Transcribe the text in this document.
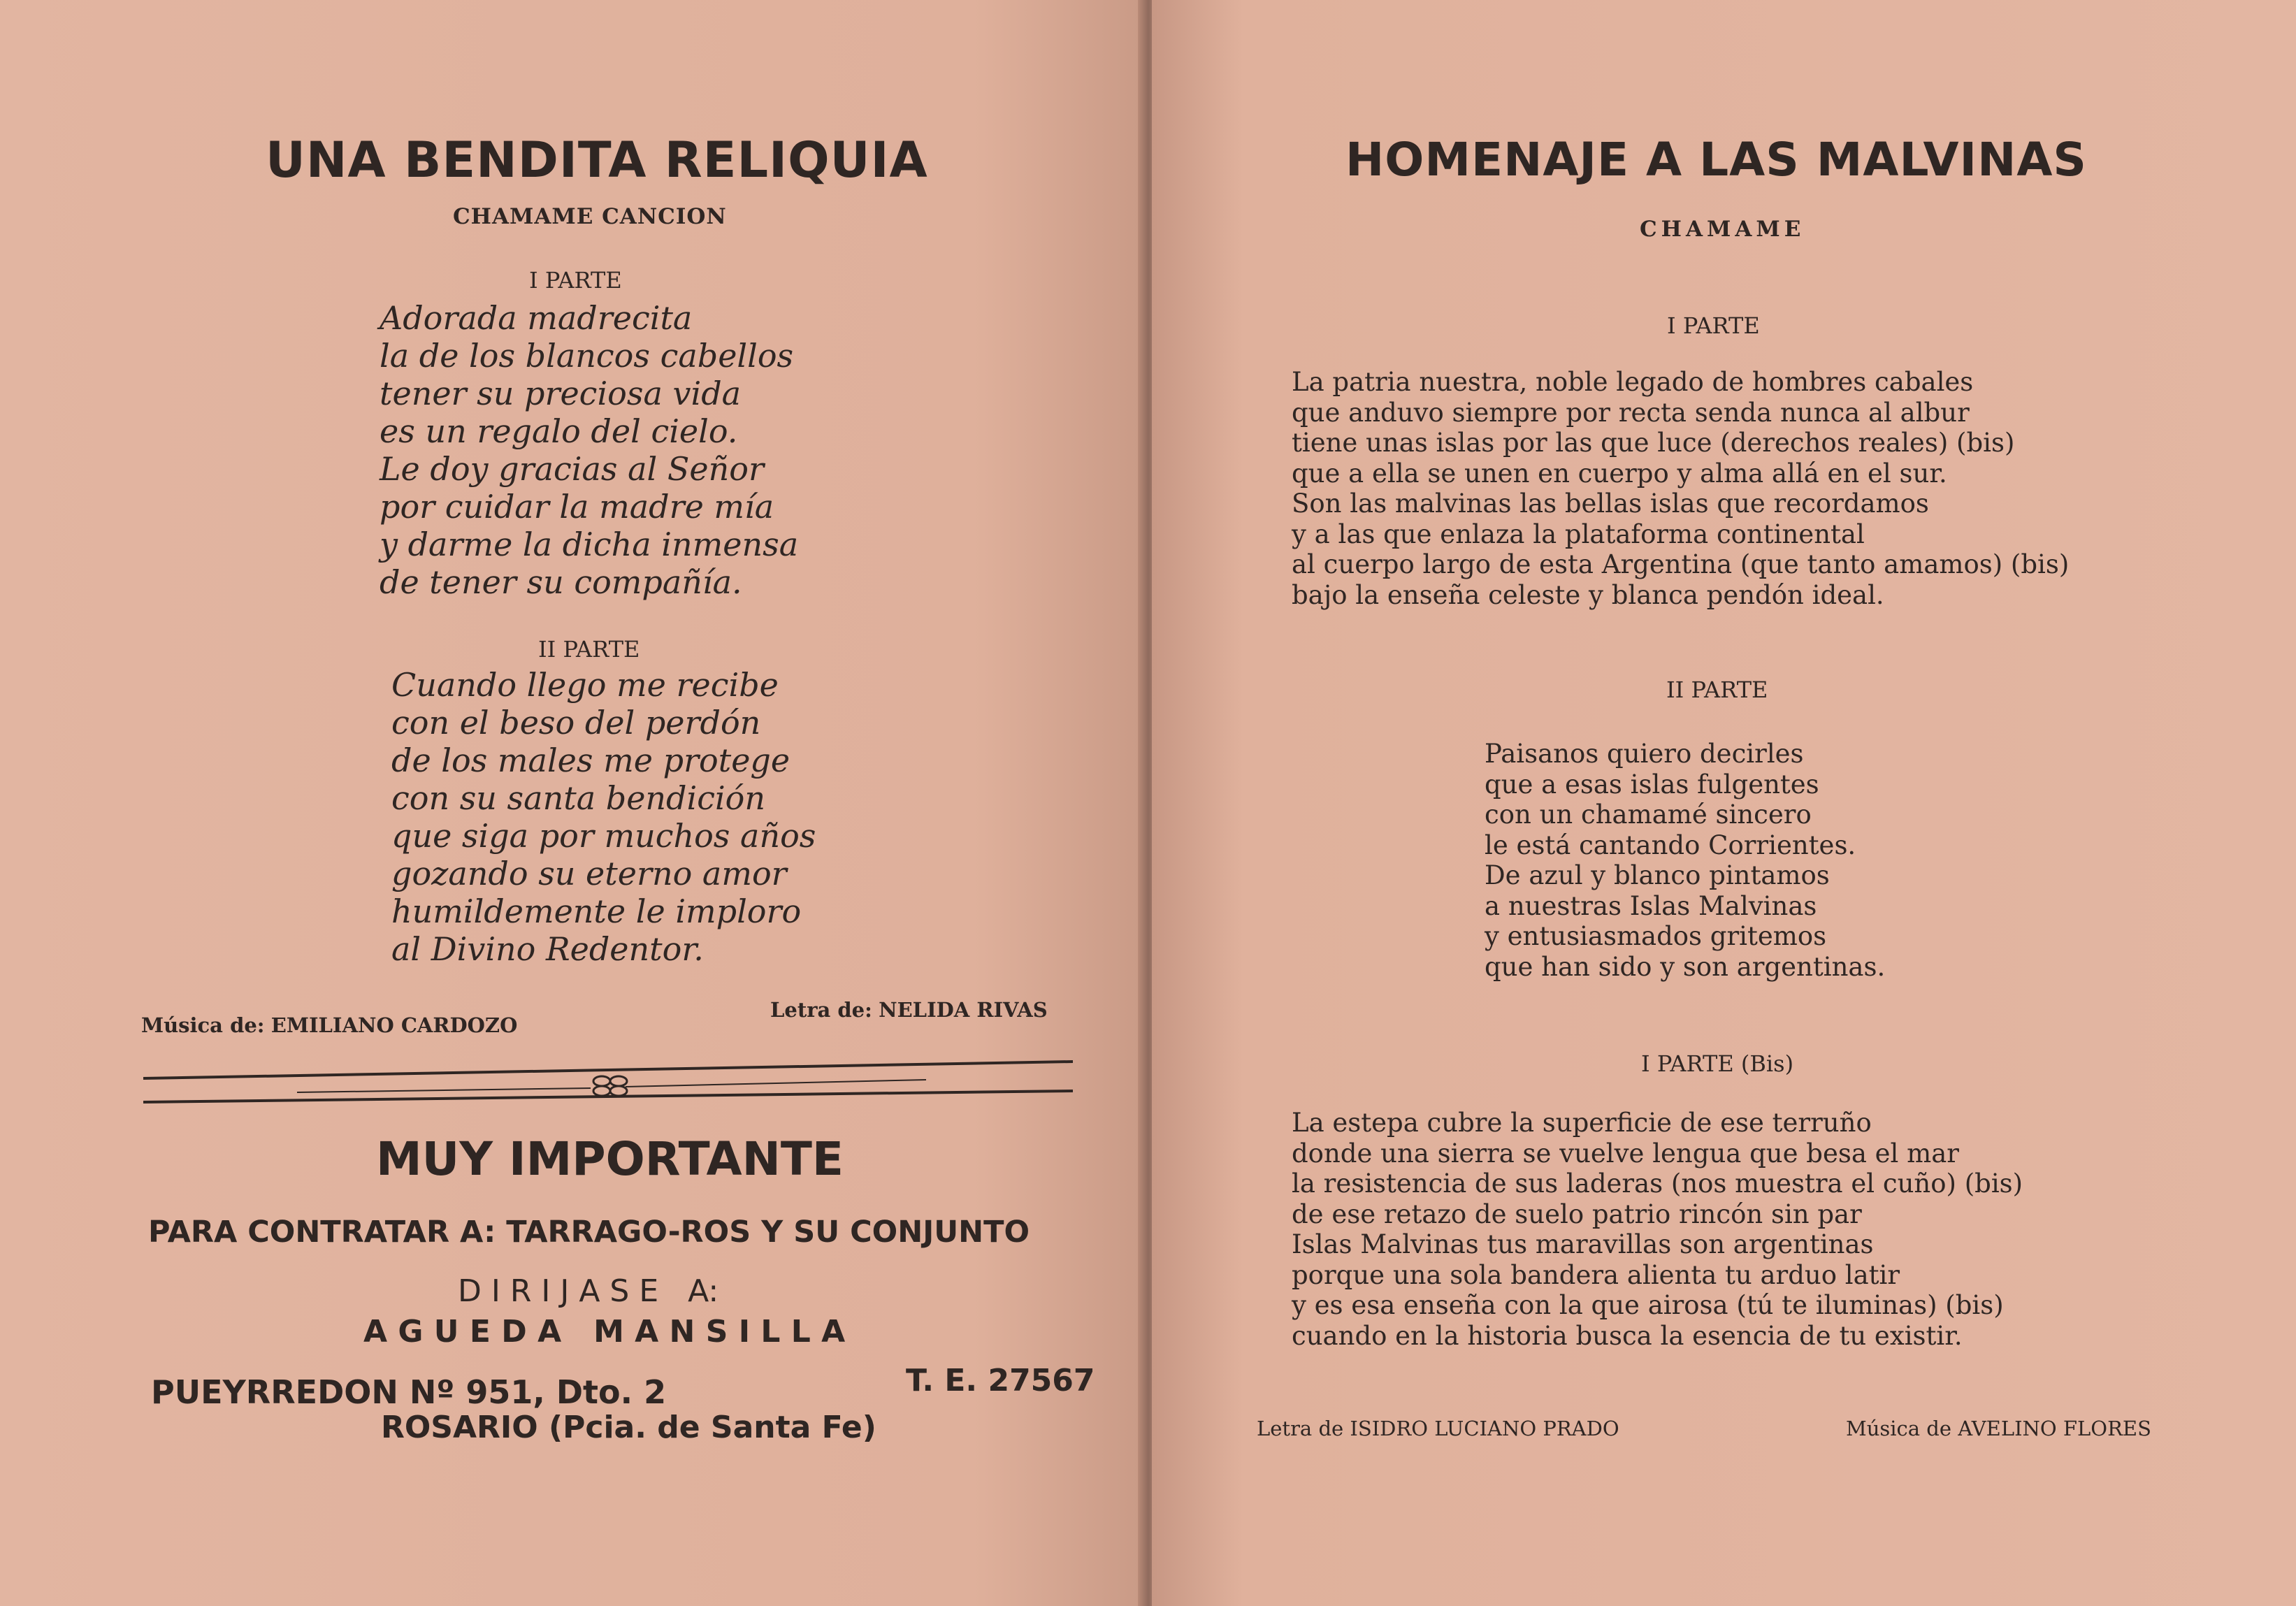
UNA BENDITA RELIQUIA
CHAMAME CANCION
I PARTE
Adorada madrecita
la de los blancos cabellos
tener su preciosa vida
es un regalo del cielo.
Le doy gracias al Señor
por cuidar la madre mía
y darme la dicha inmensa
de tener su compañía.
II PARTE
Cuando llego me recibe
con el beso del perdón
de los males me protege
con su santa bendición
que siga por muchos años
gozando su eterno amor
humildemente le imploro
al Divino Redentor.
Música de: EMILIANO CARDOZO
Letra de: NELIDA RIVAS
MUY IMPORTANTE
PARA CONTRATAR A: TARRAGO-ROS Y SU CONJUNTO
D I R I J A S E   A:
A G U E D A   M A N S I L L A
PUEYRREDON Nº 951, Dto. 2	T. E. 27567
ROSARIO (Pcia. de Santa Fe)
HOMENAJE A LAS MALVINAS
CHAMAME
I PARTE
La patria nuestra, noble legado de hombres cabales
que anduvo siempre por recta senda nunca al albur
tiene unas islas por las que luce (derechos reales) (bis)
que a ella se unen en cuerpo y alma allá en el sur.
Son las malvinas las bellas islas que recordamos
y a las que enlaza la plataforma continental
al cuerpo largo de esta Argentina (que tanto amamos) (bis)
bajo la enseña celeste y blanca pendón ideal.
II PARTE
Paisanos quiero decirles
que a esas islas fulgentes
con un chamamé sincero
le está cantando Corrientes.
De azul y blanco pintamos
a nuestras Islas Malvinas
y entusiasmados gritemos
que han sido y son argentinas.
I PARTE (Bis)
La estepa cubre la superficie de ese terruño
donde una sierra se vuelve lengua que besa el mar
la resistencia de sus laderas (nos muestra el cuño) (bis)
de ese retazo de suelo patrio rincón sin par
Islas Malvinas tus maravillas son argentinas
porque una sola bandera alienta tu arduo latir
y es esa enseña con la que airosa (tú te iluminas) (bis)
cuando en la historia busca la esencia de tu existir.
Letra de ISIDRO LUCIANO PRADO	Música de AVELINO FLORES
